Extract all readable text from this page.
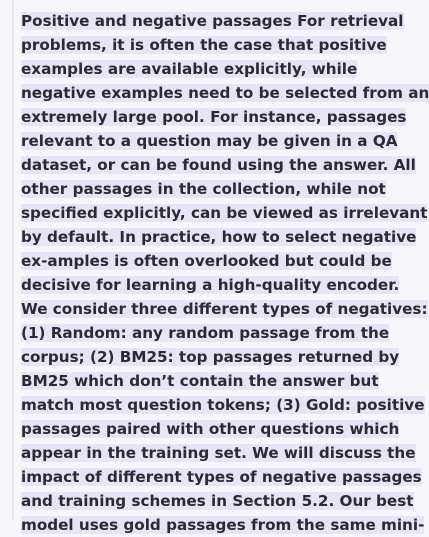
Positive and negative passages For retrieval
problems, it is often the case that positive
examples are available explicitly, while
negative examples need to be selected from an
extremely large pool. For instance, passages
relevant to a question may be given in a QA
dataset, or can be found using the answer. All
other passages in the collection, while not
specified explicitly, can be viewed as irrelevant
by default. In practice, how to select negative
ex-amples is often overlooked but could be
decisive for learning a high-quality encoder.
We consider three different types of negatives:
(1) Random: any random passage from the
corpus; (2) BM25: top passages returned by
BM25 which don’t contain the answer but
match most question tokens; (3) Gold: positive
passages paired with other questions which
appear in the training set. We will discuss the
impact of different types of negative passages
and training schemes in Section 5.2. Our best
model uses gold passages from the same mini-
